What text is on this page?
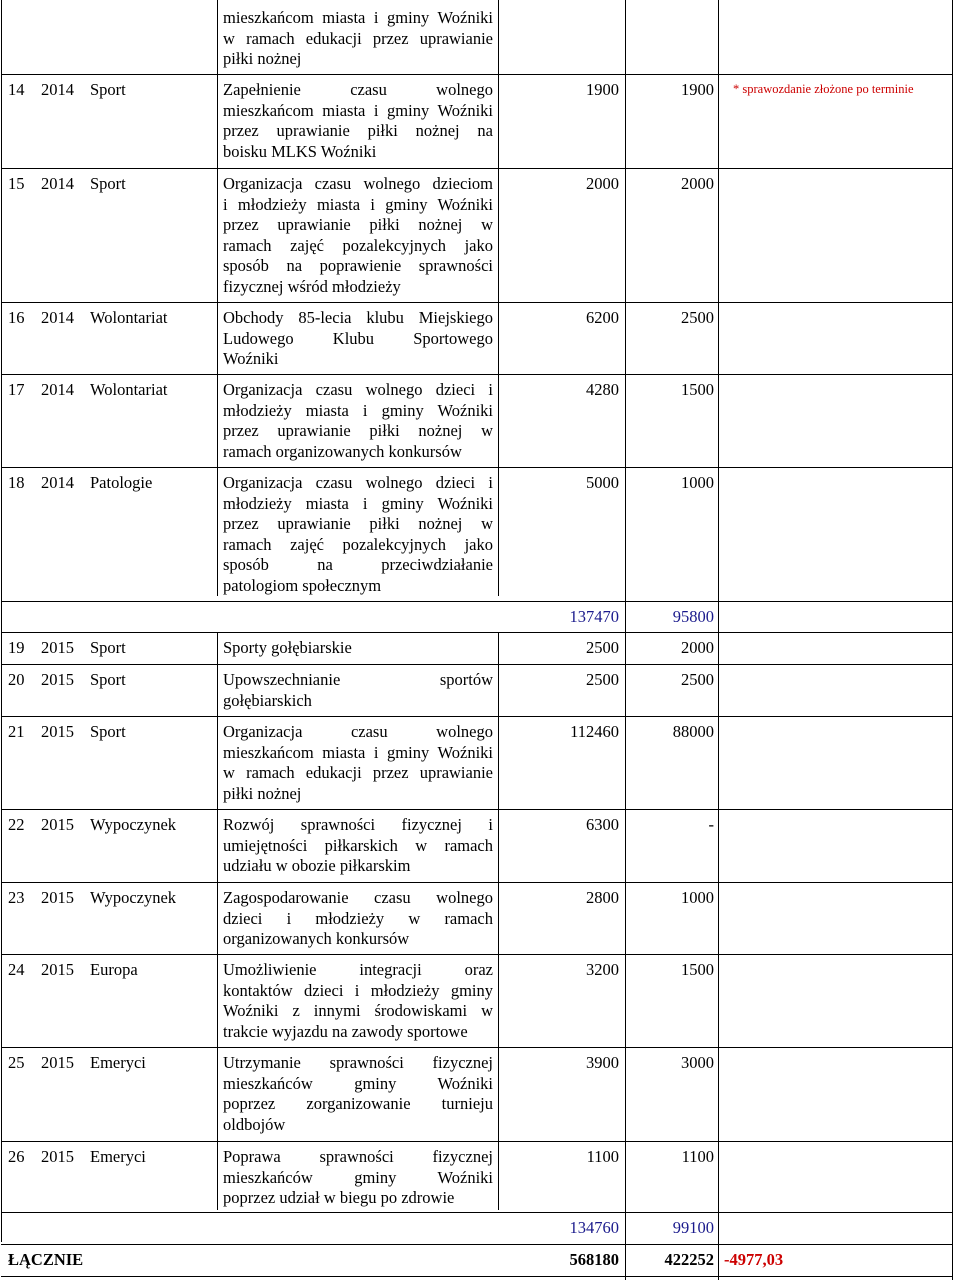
mieszkańcom miasta i gminy Woźniki
w ramach edukacji przez uprawianie
piłki nożnej
14 2014 Sport	Zapełnienie czasu wolnego
mieszkańcom miasta i gminy Woźniki
przez uprawianie piłki nożnej na
boisku MLKS Woźniki
1900	1900 * sprawozdanie złożone po terminie
15 2014 Sport	Organizacja czasu wolnego dzieciom
i młodzieży miasta i gminy Woźniki
przez uprawianie piłki nożnej w
ramach zajęć pozalekcyjnych jako
sposób na poprawienie sprawności
fizycznej wśród młodzieży
2000	2000
16 2014 Wolontariat	Obchody 85-lecia klubu Miejskiego
Ludowego Klubu Sportowego
Woźniki
6200	2500
17 2014 Wolontariat	Organizacja czasu wolnego dzieci i
młodzieży miasta i gminy Woźniki
przez uprawianie piłki nożnej w
ramach organizowanych konkursów
4280	1500
18 2014 Patologie	Organizacja czasu wolnego dzieci i
młodzieży miasta i gminy Woźniki
przez uprawianie piłki nożnej w
ramach zajęć pozalekcyjnych jako
sposób na przeciwdziałanie
patologiom społecznym
5000	1000
137470	95800
19 2015 Sport	Sporty gołębiarskie	2500	2000
20 2015 Sport	Upowszechnianie sportów
gołębiarskich
2500	2500
21 2015 Sport	Organizacja czasu wolnego
mieszkańcom miasta i gminy Woźniki
w ramach edukacji przez uprawianie
piłki nożnej
112460	88000
22 2015 Wypoczynek	Rozwój sprawności fizycznej i
umiejętności piłkarskich w ramach
udziału w obozie piłkarskim
6300	-
23 2015 Wypoczynek	Zagospodarowanie czasu wolnego
dzieci i młodzieży w ramach
organizowanych konkursów
2800	1000
24 2015 Europa	Umożliwienie integracji oraz
kontaktów dzieci i młodzieży gminy
Woźniki z innymi środowiskami w
trakcie wyjazdu na zawody sportowe
3200	1500
25 2015 Emeryci	Utrzymanie sprawności fizycznej
mieszkańców gminy Woźniki
poprzez zorganizowanie turnieju
oldbojów
3900	3000
26 2015 Emeryci	Poprawa sprawności fizycznej
mieszkańców gminy Woźniki
poprzez udział w biegu po zdrowie
1100	1100
134760	99100
ŁĄCZNIE	568180	422252 -4977,03
